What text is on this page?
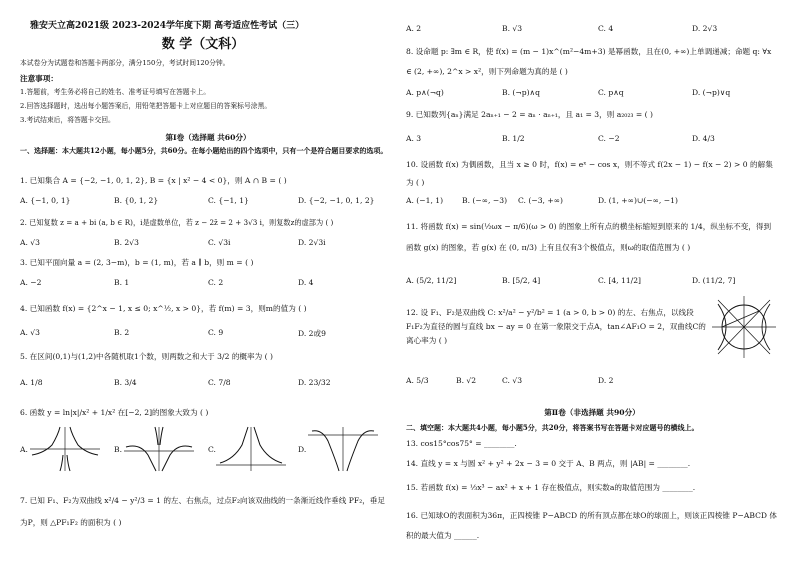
雅安天立高2021级 2023-2024学年度下期 高考适应性考试（三）
数 学（文科）
本试卷分为试题卷和答题卡两部分，满分150分，考试时间120分钟。
注意事项：
1.答题前，考生务必将自己的姓名、准考证号填写在答题卡上。
2.回答选择题时，选出每小题答案后，用铅笔把答题卡上对应题目的答案标号涂黑。
3.考试结束后，将答题卡交回。
第Ⅰ卷（选择题 共60分）
一、选择题：本大题共12小题，每小题5分，共60分。在每小题给出的四个选项中，只有一个是符合题目要求的选项。
1. 已知集合 A = {−2, −1, 0, 1, 2}, B = {x | x² − 4 < 0}，则 A ∩ B = ( )
A. {−1, 0, 1}	B. {0, 1, 2}	C. {−1, 1}	D. {−2, −1, 0, 1, 2}
2. 已知复数 z = a + bi (a, b ∈ R)，i是虚数单位，若 z − 2z̄ = 2 + 3√3 i，则复数z的虚部为 ( )
A. √3	B. 2√3	C. √3i	D. 2√3i
3. 已知平面向量 a = (2, 3−m)，b = (1, m)，若 a ∥ b，则 m = ( )
A. −2	B. 1	C. 2	D. 4
4. 已知函数 f(x) = {2^x − 1, x ≤ 0; x^½, x > 0}，若 f(m) = 3，则m的值为 ( )
A. √3	B. 2	C. 9	D. 2或9
5. 在区间(0,1)与(1,2)中各随机取1个数，则两数之和大于 3/2 的概率为 ( )
A. 1/8	B. 3/4	C. 7/8	D. 23/32
6. 函数 y = ln|x|/x² + 1/x² 在[−2, 2]的图象大致为 ( )
A.	B.	C.	D.
7. 已知 F₁、F₂为双曲线 x²/4 − y²/3 = 1 的左、右焦点，过点F₂向该双曲线的一条渐近线作垂线 PF₂，垂足为P，则 △PF₁F₂ 的面积为 ( )
A. 2	B. √3	C. 4	D. 2√3
8. 设命题 p: ∃m ∈ R，使 f(x) = (m − 1)x^(m²−4m+3) 是幂函数，且在(0, +∞)上单调递减；命题 q: ∀x ∈ (2, +∞), 2^x > x²，则下列命题为真的是 ( )
A. p∧(¬q)	B. (¬p)∧q	C. p∧q	D. (¬p)∨q
9. 已知数列{aₙ}满足 2aₙ₊₁ − 2 = aₙ · aₙ₊₁，且 a₁ = 3，则 a₂₀₂₃ = ( )
A. 3	B. 1/2	C. −2	D. 4/3
10. 设函数 f(x) 为偶函数，且当 x ≥ 0 时，f(x) = eˣ − cos x，则不等式 f(2x − 1) − f(x − 2) > 0 的解集为 ( )
A. (−1, 1) B. (−∞, −3) C. (−3, +∞)	D. (1, +∞)∪(−∞, −1)
11. 将函数 f(x) = sin(½ωx − π/6)(ω > 0) 的图象上所有点的横坐标缩短到原来的 1/4，纵坐标不变，得到函数 g(x) 的图象，若 g(x) 在 (0, π/3) 上有且仅有3个极值点，则ω的取值范围为 ( )
A. (5/2, 11/2]	B. [5/2, 4]	C. [4, 11/2]	D. (11/2, 7]
12. 设 F₁、F₂是双曲线 C: x²/a² − y²/b² = 1 (a > 0, b > 0) 的左、右焦点，以线段 F₁F₂为直径的圆与直线 bx − ay = 0 在第一象限交于点A，tan∠AF₁O = 2，双曲线C的离心率为 ( )
A. 5/3	B. √2	C. √3	D. 2
第Ⅱ卷（非选择题 共90分）
二、填空题：本大题共4小题，每小题5分，共20分，将答案书写在答题卡对应题号的横线上。
13. cos15°cos75° = ________.
14. 直线 y = x 与圆 x² + y² + 2x − 3 = 0 交于 A、B 两点，则 |AB| = ________.
15. 若函数 f(x) = ⅓x³ − ax² + x + 1 存在极值点，则实数a的取值范围为 ________.
16. 已知球O的表面积为36π，正四棱锥 P−ABCD 的所有顶点都在球O的球面上，则该正四棱锥 P−ABCD 体积的最大值为 ______.
